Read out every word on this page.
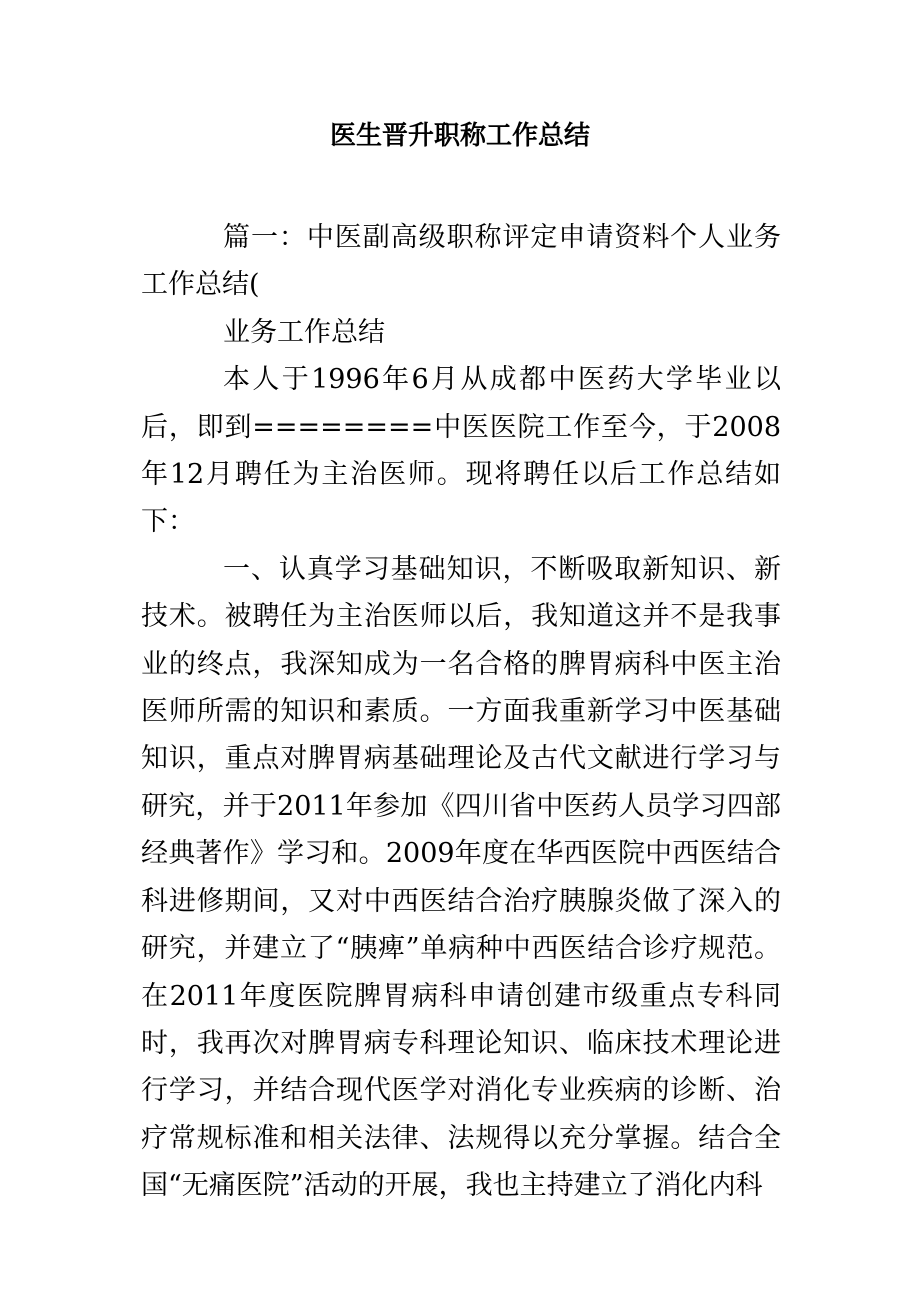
医生晋升职称工作总结

篇一：中医副高级职称评定申请资料个人业务工作总结(

业务工作总结

本人于1996年6月从成都中医药大学毕业以后，即到========中医医院工作至今，于2008年12月聘任为主治医师。现将聘任以后工作总结如下：

一、认真学习基础知识，不断吸取新知识、新技术。被聘任为主治医师以后，我知道这并不是我事业的终点，我深知成为一名合格的脾胃病科中医主治医师所需的知识和素质。一方面我重新学习中医基础知识，重点对脾胃病基础理论及古代文献进行学习与研究，并于2011年参加《四川省中医药人员学习四部经典著作》学习和。2009年度在华西医院中西医结合科进修期间，又对中西医结合治疗胰腺炎做了深入的研究，并建立了“胰痺”单病种中西医结合诊疗规范。在2011年度医院脾胃病科申请创建市级重点专科同时，我再次对脾胃病专科理论知识、临床技术理论进行学习，并结合现代医学对消化专业疾病的诊断、治疗常规标准和相关法律、法规得以充分掌握。结合全国“无痛医院”活动的开展，我也主持建立了消化内科
